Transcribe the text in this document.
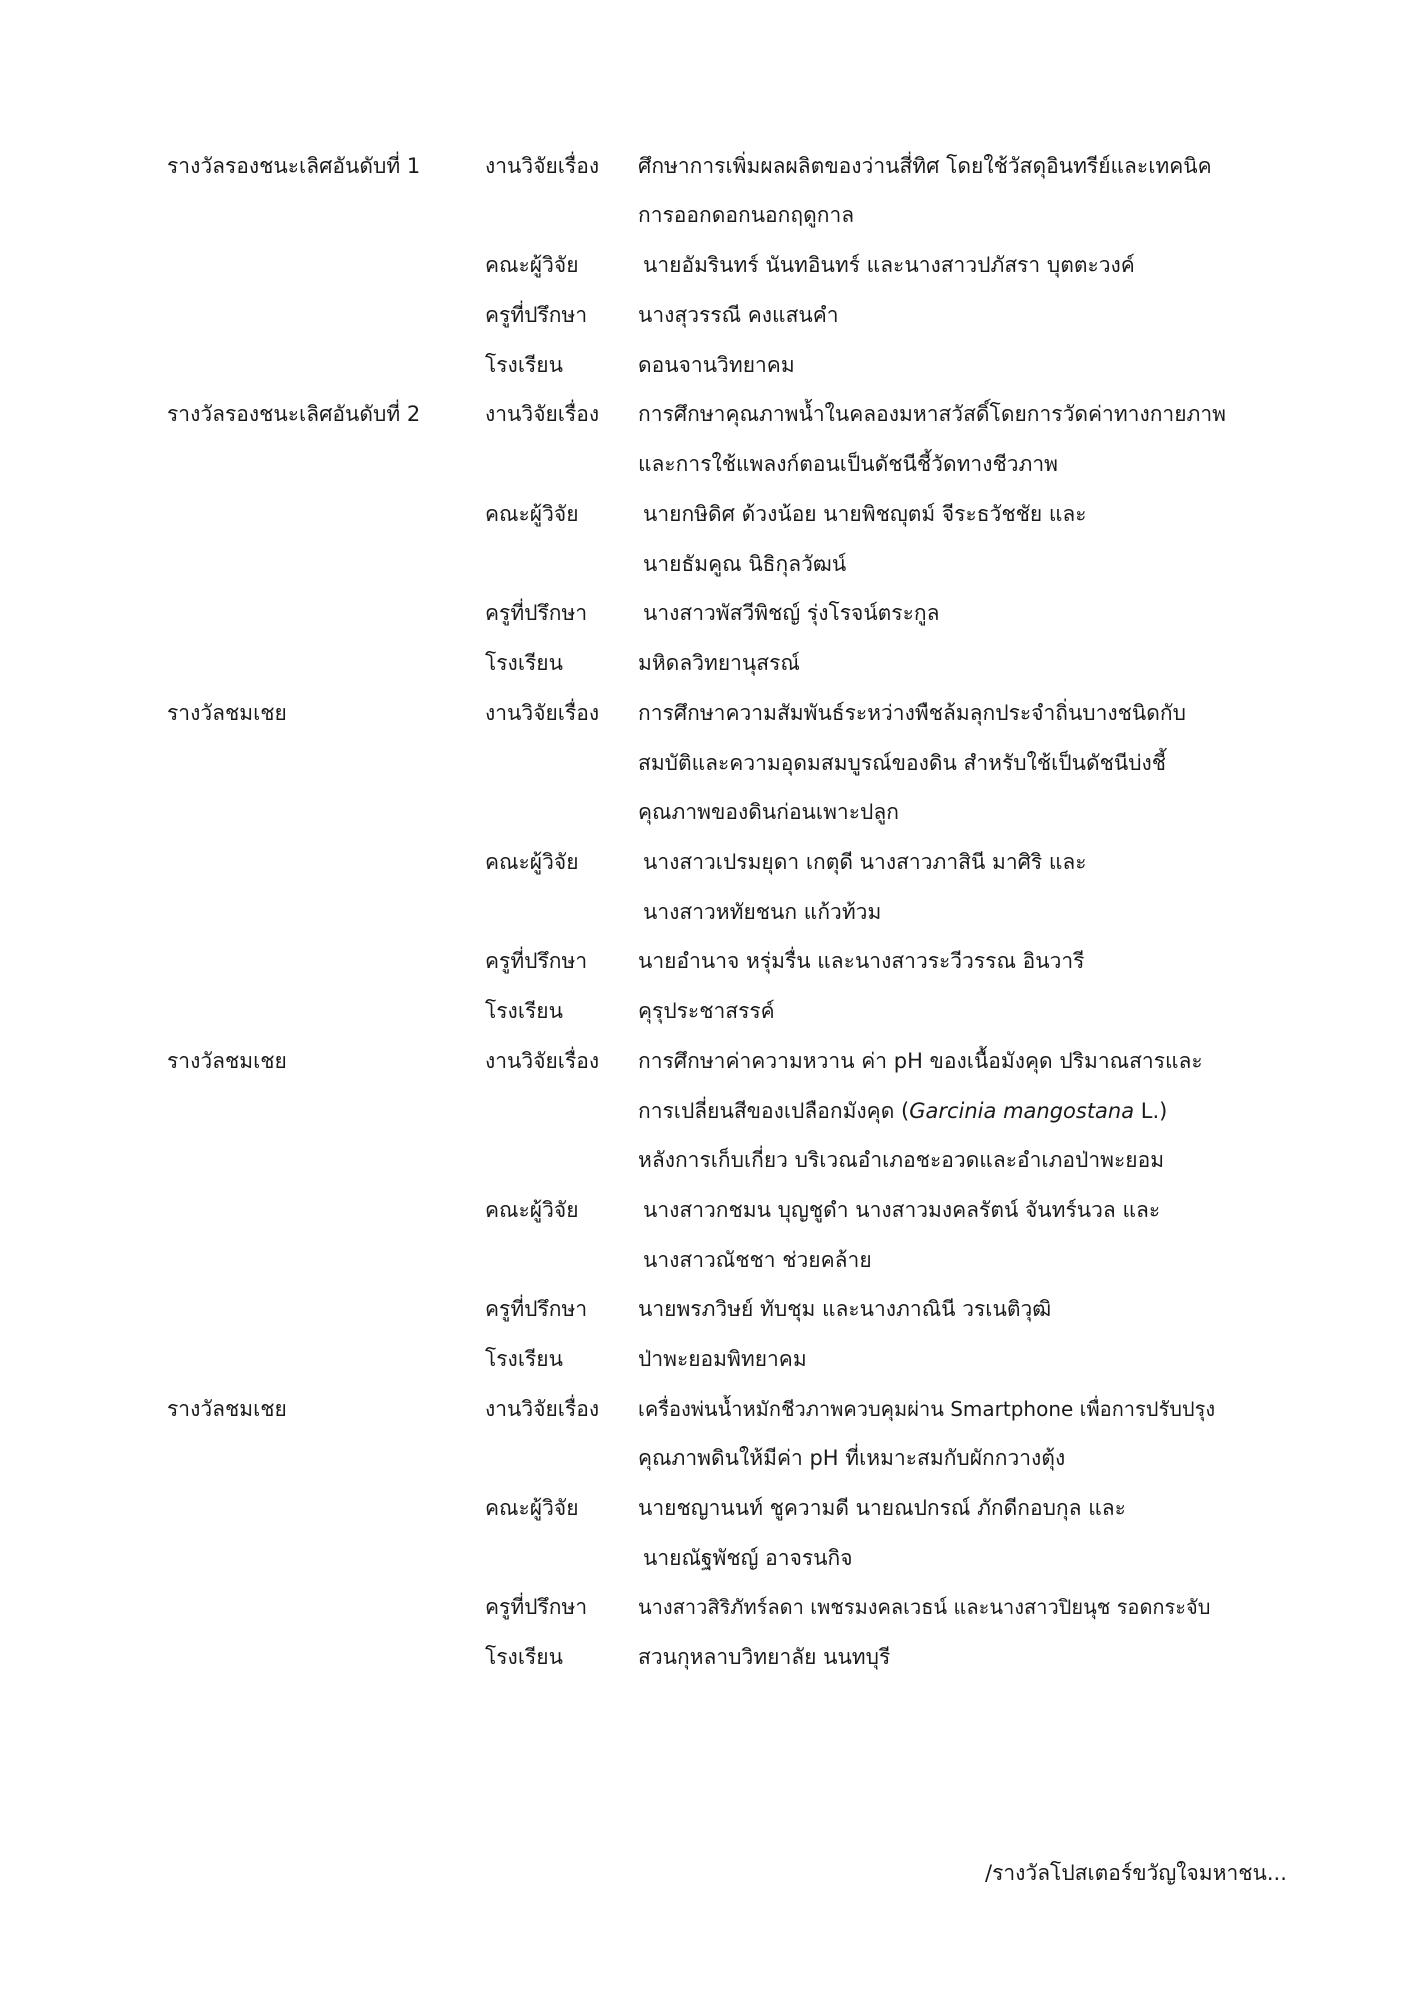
รางวัลรองชนะเลิศอันดับที่ 1	งานวิจัยเรื่อง ศึกษาการเพิ่มผลผลิตของว่านสี่ทิศ โดยใช้วัสดุอินทรีย์และเทคนิค
การออกดอกนอกฤดูกาล
คณะผู้วิจัย	นายอัมรินทร์ นันทอินทร์ และนางสาวปภัสรา บุตตะวงค์
ครูที่ปรึกษา นางสุวรรณี คงแสนคำ
โรงเรียน	ดอนจานวิทยาคม
รางวัลรองชนะเลิศอันดับที่ 2	งานวิจัยเรื่อง การศึกษาคุณภาพน้ำในคลองมหาสวัสดิ์โดยการวัดค่าทางกายภาพ
และการใช้แพลงก์ตอนเป็นดัชนีชี้วัดทางชีวภาพ
คณะผู้วิจัย	นายกษิดิศ ด้วงน้อย นายพิชญุตม์ จีระธวัชชัย และ
นายธัมคูณ นิธิกุลวัฒน์
ครูที่ปรึกษา	นางสาวพัสวีพิชญ์ รุ่งโรจน์ตระกูล
โรงเรียน	มหิดลวิทยานุสรณ์
รางวัลชมเชย	งานวิจัยเรื่อง การศึกษาความสัมพันธ์ระหว่างพืชล้มลุกประจำถิ่นบางชนิดกับ
สมบัติและความอุดมสมบูรณ์ของดิน สำหรับใช้เป็นดัชนีบ่งชี้
คุณภาพของดินก่อนเพาะปลูก
คณะผู้วิจัย	นางสาวเปรมยุดา เกตุดี นางสาวภาสินี มาศิริ และ
นางสาวหทัยชนก แก้วท้วม
ครูที่ปรึกษา นายอำนาจ หรุ่มรื่น และนางสาวระวีวรรณ อินวารี
โรงเรียน	คุรุประชาสรรค์
รางวัลชมเชย	งานวิจัยเรื่อง การศึกษาค่าความหวาน ค่า pH ของเนื้อมังคุด ปริมาณสารและ
การเปลี่ยนสีของเปลือกมังคุด (Garcinia mangostana L.)
หลังการเก็บเกี่ยว บริเวณอำเภอชะอวดและอำเภอป่าพะยอม
คณะผู้วิจัย	นางสาวกชมน บุญชูดำ นางสาวมงคลรัตน์ จันทร์นวล และ
นางสาวณัชชา ช่วยคล้าย
ครูที่ปรึกษา นายพรภวิษย์ ทับชุม และนางภาณินี วรเนติวุฒิ
โรงเรียน	ป่าพะยอมพิทยาคม
รางวัลชมเชย	งานวิจัยเรื่อง เครื่องพ่นน้ำหมักชีวภาพควบคุมผ่าน Smartphone เพื่อการปรับปรุง
คุณภาพดินให้มีค่า pH ที่เหมาะสมกับผักกวางตุ้ง
คณะผู้วิจัย	นายชญานนท์ ชูความดี นายณปกรณ์ ภักดีกอบกุล และ
นายณัฐพัชญ์ อาจรนกิจ
ครูที่ปรึกษา	นางสาวสิริภัทร์ลดา เพชรมงคลเวธน์ และนางสาวปิยนุช รอดกระจับ
โรงเรียน	สวนกุหลาบวิทยาลัย นนทบุรี
/รางวัลโปสเตอร์ขวัญใจมหาชน...
